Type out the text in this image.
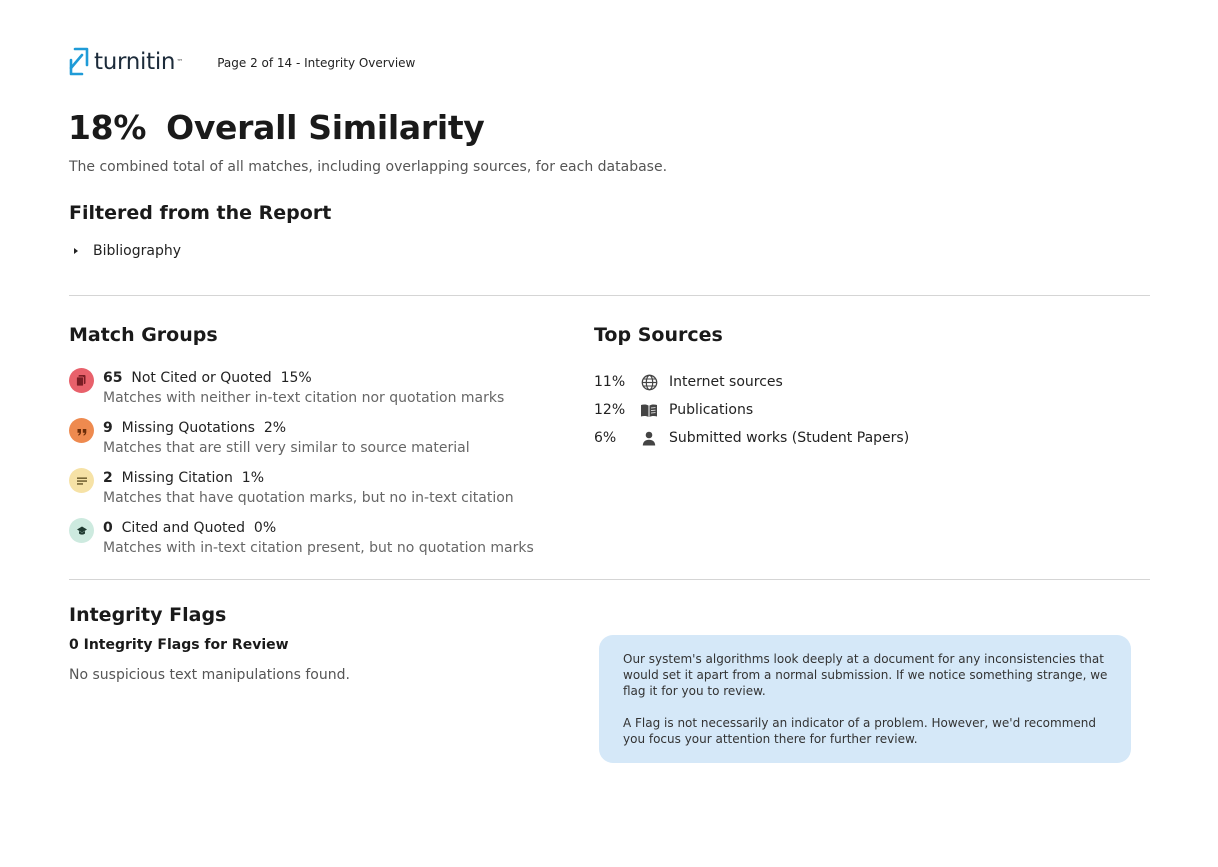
turnitin ™	Page 2 of 14 - Integrity Overview
18% Overall Similarity
The combined total of all matches, including overlapping sources, for each database.
Filtered from the Report
Bibliography
Match Groups
65 Not Cited or Quoted 15%
Matches with neither in-text citation nor quotation marks
9 Missing Quotations 2%
Matches that are still very similar to source material
2 Missing Citation 1%
Matches that have quotation marks, but no in-text citation
0 Cited and Quoted 0%
Matches with in-text citation present, but no quotation marks
Top Sources
11%	Internet sources
12%	Publications
6%	Submitted works (Student Papers)
Integrity Flags
0 Integrity Flags for Review
No suspicious text manipulations found.

Our system's algorithms look deeply at a document for any inconsistencies that would set it apart from a normal submission. If we notice something strange, we flag it for you to review.

A Flag is not necessarily an indicator of a problem. However, we'd recommend you focus your attention there for further review.
